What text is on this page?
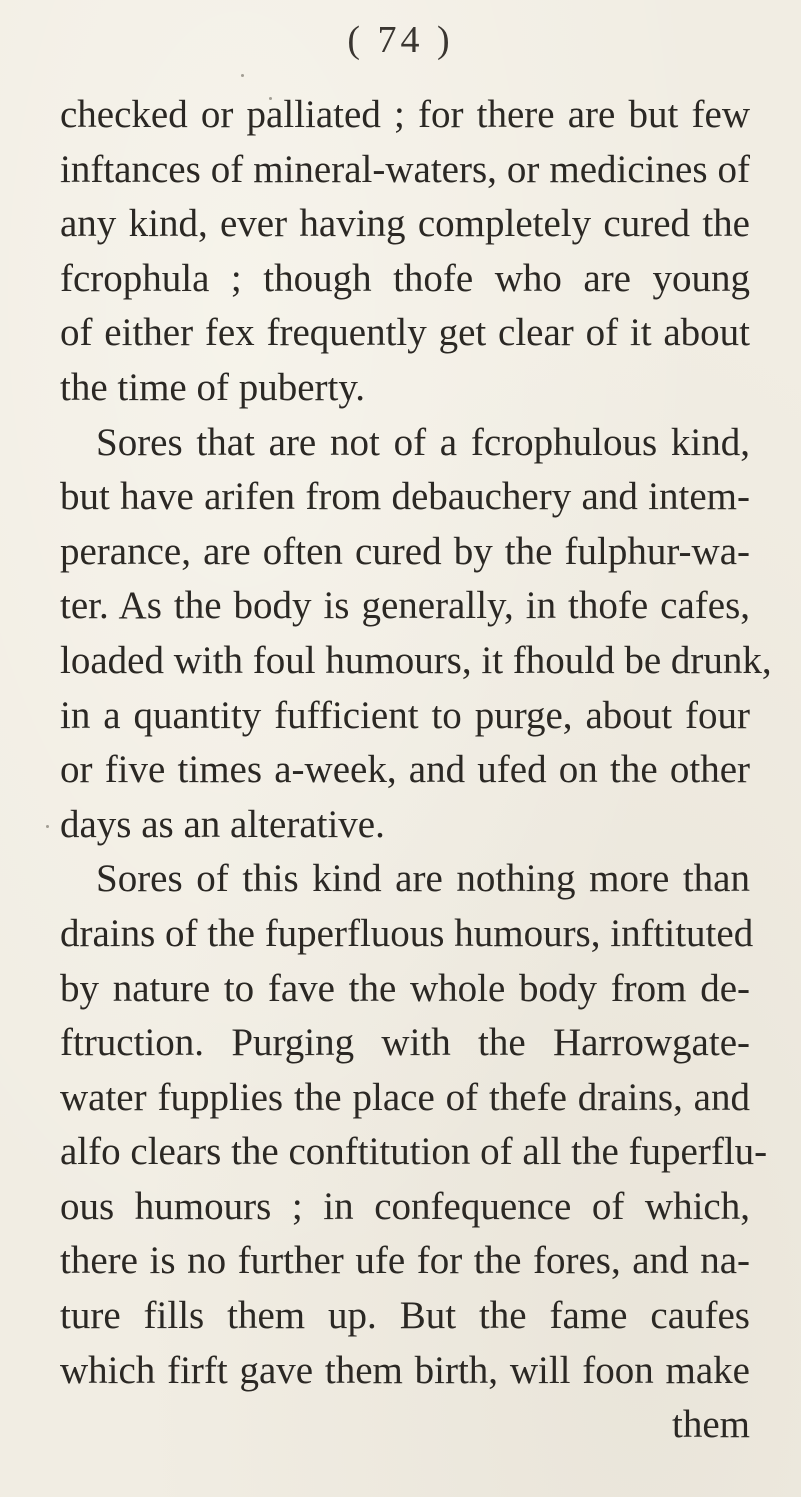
( 74 )
checked or palliated ; for there are but few
inftances of mineral-waters, or medicines of
any kind, ever having completely cured the
fcrophula ; though thofe who are young
of either fex frequently get clear of it about
the time of puberty.
Sores that are not of a fcrophulous kind,
but have arifen from debauchery and intem-
perance, are often cured by the fulphur-wa-
ter. As the body is generally, in thofe cafes,
loaded with foul humours, it fhould be drunk,
in a quantity fufficient to purge, about four
or five times a-week, and ufed on the other
days as an alterative.
Sores of this kind are nothing more than
drains of the fuperfluous humours, inftituted
by nature to fave the whole body from de-
ftruction. Purging with the Harrowgate-
water fupplies the place of thefe drains, and
alfo clears the conftitution of all the fuperflu-
ous humours ; in confequence of which,
there is no further ufe for the fores, and na-
ture fills them up. But the fame caufes
which firft gave them birth, will foon make
them
